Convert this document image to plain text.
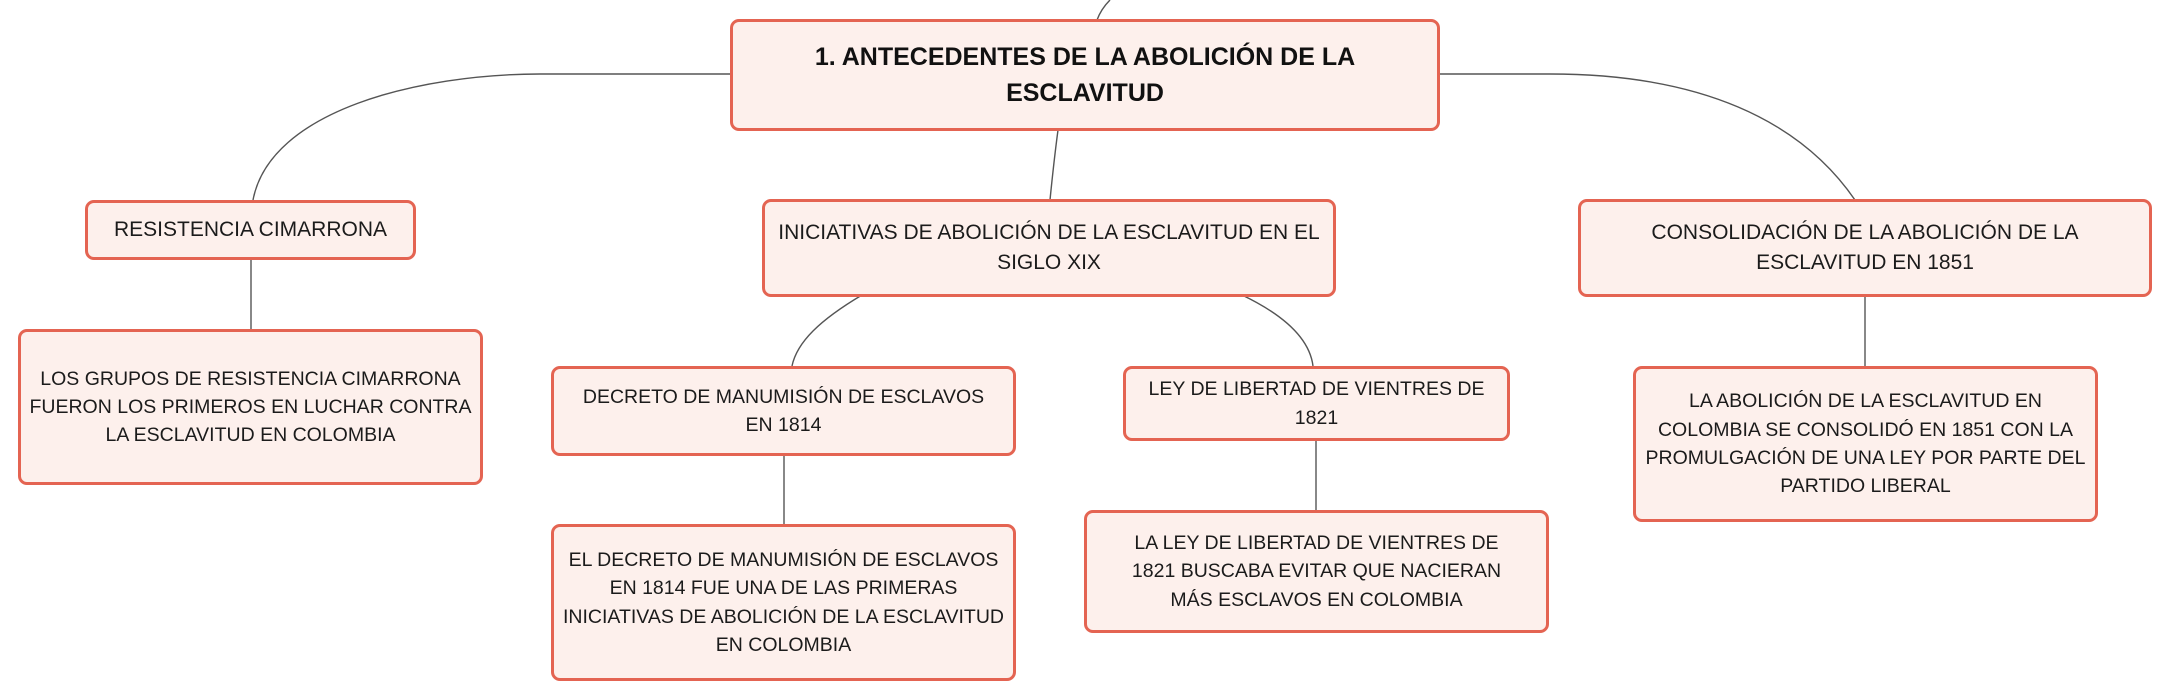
1. ANTECEDENTES DE LA ABOLICIÓN DE LA ESCLAVITUD
RESISTENCIA CIMARRONA
LOS GRUPOS DE RESISTENCIA CIMARRONA FUERON LOS PRIMEROS EN LUCHAR CONTRA LA ESCLAVITUD EN COLOMBIA
INICIATIVAS DE ABOLICIÓN DE LA ESCLAVITUD EN EL SIGLO XIX
DECRETO DE MANUMISIÓN DE ESCLAVOS EN 1814
EL DECRETO DE MANUMISIÓN DE ESCLAVOS EN 1814 FUE UNA DE LAS PRIMERAS INICIATIVAS DE ABOLICIÓN DE LA ESCLAVITUD EN COLOMBIA
LEY DE LIBERTAD DE VIENTRES DE 1821
LA LEY DE LIBERTAD DE VIENTRES DE 1821 BUSCABA EVITAR QUE NACIERAN MÁS ESCLAVOS EN COLOMBIA
CONSOLIDACIÓN DE LA ABOLICIÓN DE LA ESCLAVITUD EN 1851
LA ABOLICIÓN DE LA ESCLAVITUD EN COLOMBIA SE CONSOLIDÓ EN 1851 CON LA PROMULGACIÓN DE UNA LEY POR PARTE DEL PARTIDO LIBERAL
